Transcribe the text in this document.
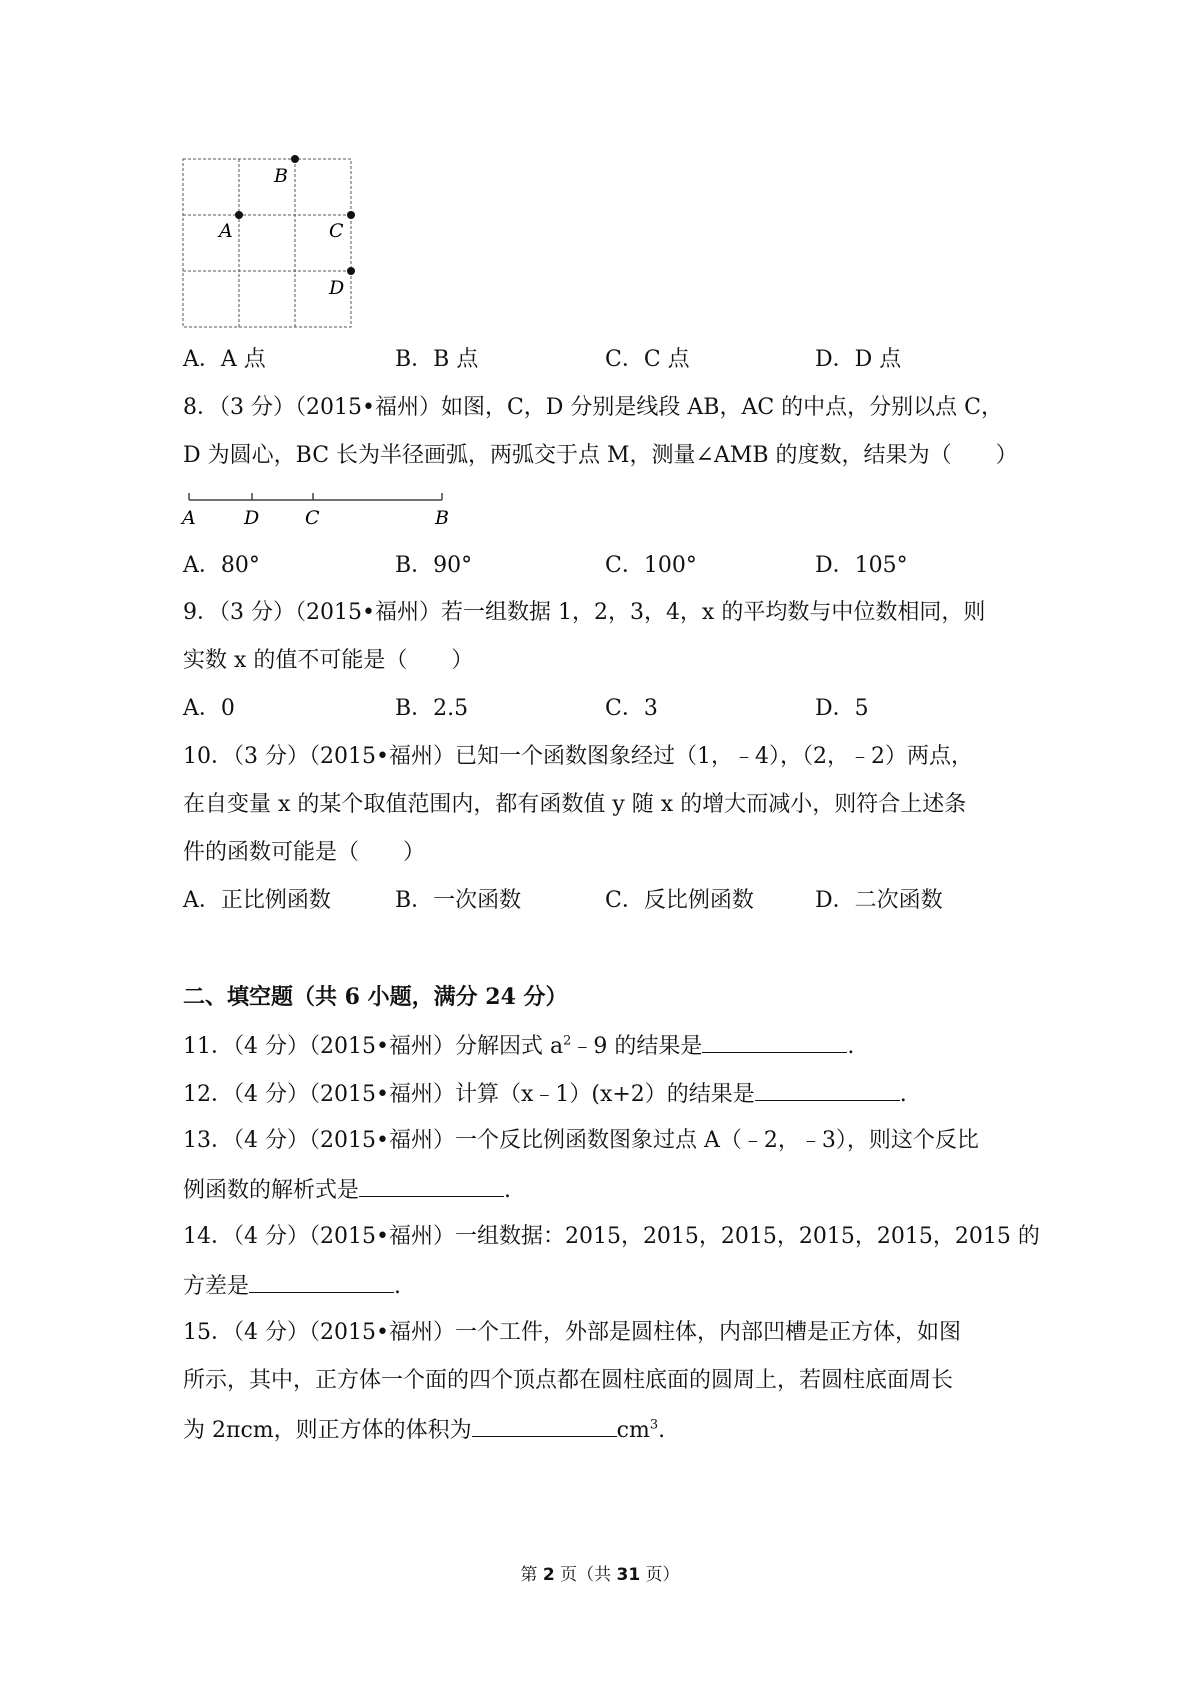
B
A	C
D
A．A 点	B．B 点	C．C 点	D．D 点
8．（3 分）（2015•福州）如图，C，D 分别是线段 AB，AC 的中点，分别以点 C，
D 为圆心，BC 长为半径画弧，两弧交于点 M，测量∠AMB 的度数，结果为（　　）
A	D C	B
A．80°	B．90°	C．100°	D．105°
9．（3 分）（2015•福州）若一组数据 1，2，3，4，x 的平均数与中位数相同，则
实数 x 的值不可能是（　　）
A．0	B．2.5	C．3	D．5
10．（3 分）（2015•福州）已知一个函数图象经过（1，﹣4），（2，﹣2）两点，
在自变量 x 的某个取值范围内，都有函数值 y 随 x 的增大而减小，则符合上述条
件的函数可能是（　　）
A．正比例函数	B．一次函数	C．反比例函数	D．二次函数
二、填空题（共 6 小题，满分 24 分）
11．（4 分）（2015•福州）分解因式 $a^2﹣9$ 的结果是	.
12．（4 分）（2015•福州）计算（x﹣1）(x+2）的结果是	.
13．（4 分）（2015•福州）一个反比例函数图象过点 A（﹣2，﹣3），则这个反比
例函数的解析式是	.
14．（4 分）（2015•福州）一组数据：2015，2015，2015，2015，2015，2015 的
方差是	.
15．（4 分）（2015•福州）一个工件，外部是圆柱体，内部凹槽是正方体，如图
所示，其中，正方体一个面的四个顶点都在圆柱底面的圆周上，若圆柱底面周长
为 2πcm，则正方体的体积为	$cm^3$.
第 2 页（共 31 页）
